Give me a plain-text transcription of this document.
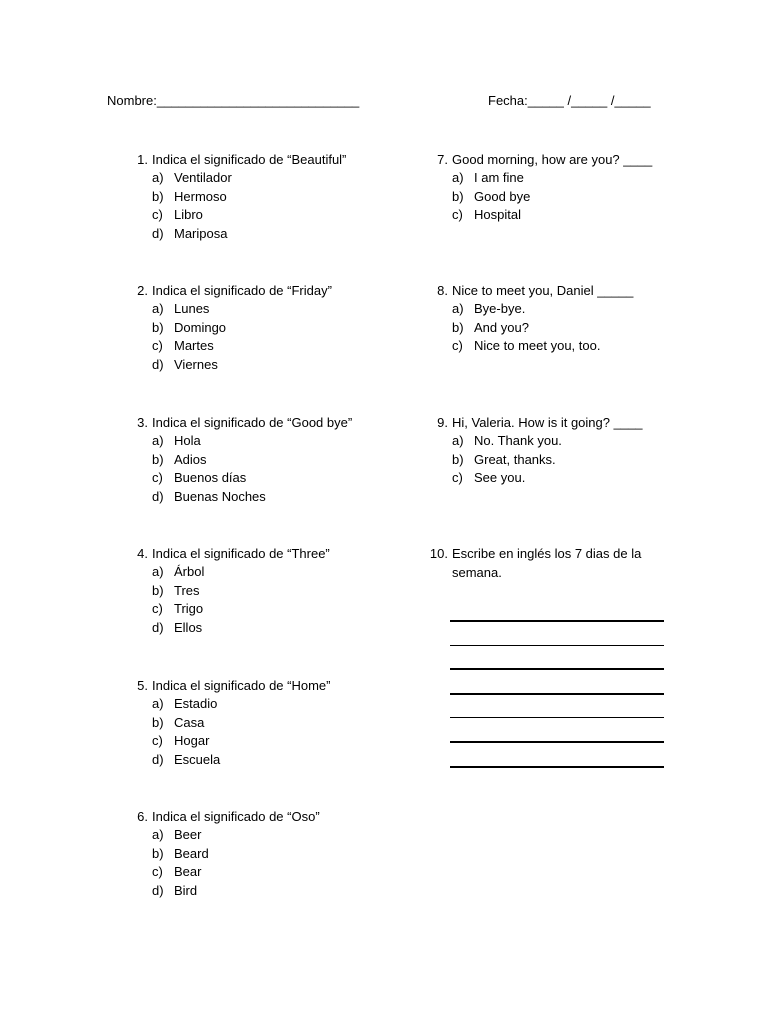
Nombre:____________________________	Fecha:_____ /_____ /_____
1. Indica el significado de “Beautiful”
a) Ventilador
b) Hermoso
c) Libro
d) Mariposa
2. Indica el significado de “Friday”
a) Lunes
b) Domingo
c) Martes
d) Viernes
3. Indica el significado de “Good bye”
a) Hola
b) Adios
c) Buenos días
d) Buenas Noches
4. Indica el significado de “Three”
a) Árbol
b) Tres
c) Trigo
d) Ellos
5. Indica el significado de “Home”
a) Estadio
b) Casa
c) Hogar
d) Escuela
6. Indica el significado de “Oso”
a) Beer
b) Beard
c) Bear
d) Bird
7. Good morning, how are you? ____
a) I am fine
b) Good bye
c) Hospital
8. Nice to meet you, Daniel _____
a) Bye-bye.
b) And you?
c) Nice to meet you, too.
9. Hi, Valeria. How is it going? ____
a) No. Thank you.
b) Great, thanks.
c) See you.
10. Escribe en inglés los 7 dias de la
semana.
